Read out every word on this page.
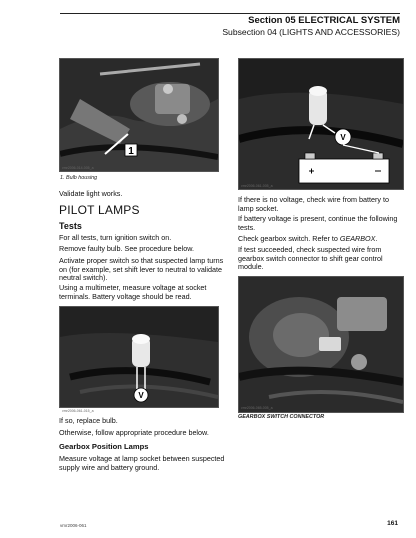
Section 05 ELECTRICAL SYSTEM
Subsection 04 (LIGHTS AND ACCESSORIES)
1
vmr2006-014-005_a
1. Bulb housing
Validate light works.
PILOT LAMPS
Tests
For all tests, turn ignition switch on.
Remove faulty bulb. See procedure below.
Activate proper switch so that suspected lamp turns on (for example, set shift lever to neutral to validate neutral switch).
Using a multimeter, measure voltage at socket terminals. Battery voltage should be read.
V
vmr2006-061-015_a
If so, replace bulb.
Otherwise, follow appropriate procedure below.
Gearbox Position Lamps
Measure voltage at lamp socket between suspected supply wire and battery ground.
V
vmr2006-061-005_a
If there is no voltage, check wire from battery to lamp socket.
If battery voltage is present, continue the following tests.
Check gearbox switch. Refer to GEARBOX.
If test succeeded, check suspected wire from gearbox switch connector to shift gear control module.
vmr2006-065-005_a
GEARBOX SWITCH CONNECTOR
vmr2006-061	161
